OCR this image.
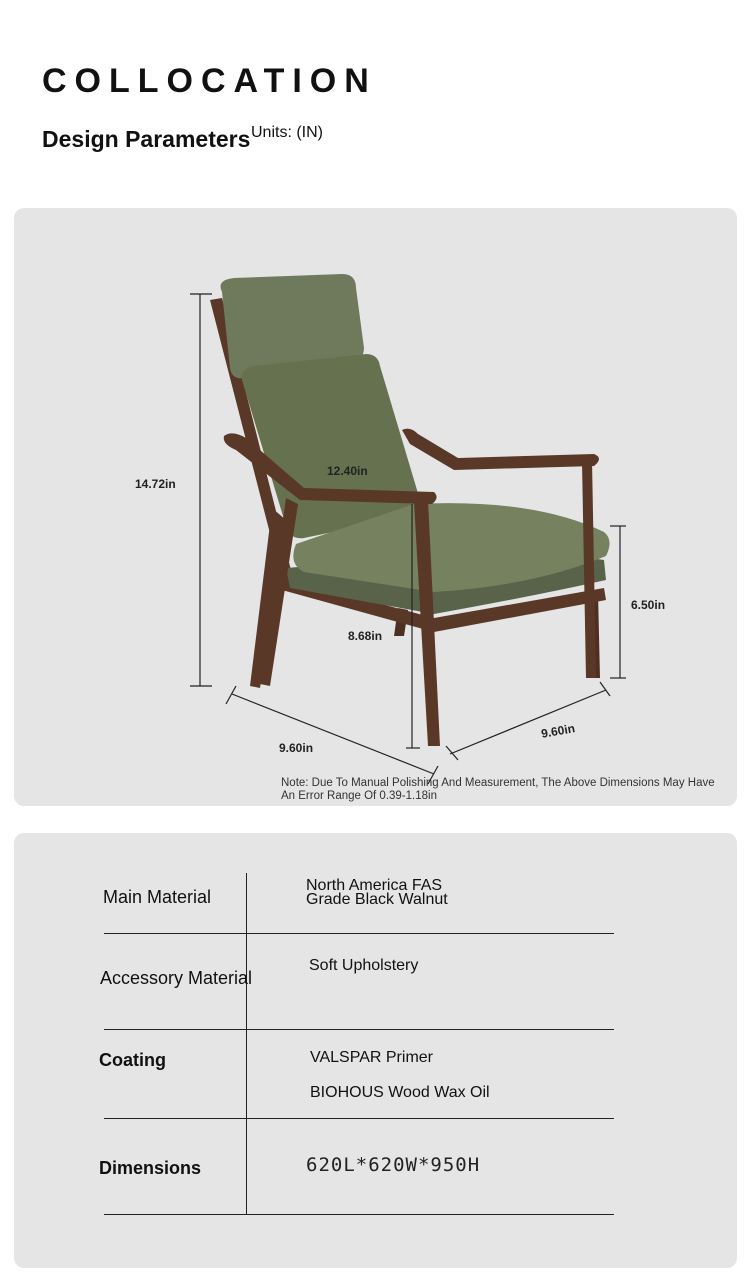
COLLOCATION
Design Parameters Units: (IN)
14.72in
12.40in
6.50in
8.68in
9.60in
9.60in
Note: Due To Manual Polishing And Measurement, The Above Dimensions May Have An Error Range Of 0.39-1.18in
Main Material
North America FAS
Grade Black Walnut
Accessory Material
Soft Upholstery
Coating	VALSPAR Primer
BIOHOUS Wood Wax Oil
Dimensions	620L*620W*950H
